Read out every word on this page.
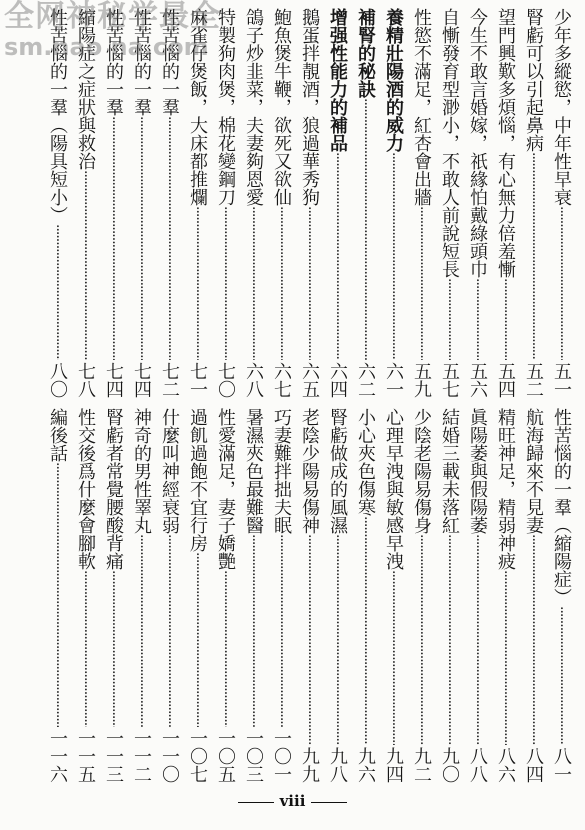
少年多縱慾，中年性早衰
·····
五一
腎虧可以引起鼻病
·····
五二
望門興歎多煩惱，有心無力倍羞慚
·····
五四
今生不敢言婚嫁，祇緣怕戴綠頭巾
·····
五六
自慚發育型渺小，不敢人前說短長
·····
五七
性慾不滿足，紅杏會出牆
·····
五九
養精壯陽酒的威力
·····
六一
補腎的秘訣
·····
六二
增强性能力的補品
·····
六四
鵝蛋拌靚酒，狼過華秀狗
·····
六五
鮑魚煲牛鞭，欲死又欲仙
·····
六七
鴿子炒韭菜，夫妻夠恩愛
·····
六八
特製狗肉煲，棉花變鋼刀
·····
七〇
麻雀仔煲飯，大床都推爛
·····
七一
性苦惱的一羣
·····
七二
性苦惱的一羣
·····
七四
性苦惱的一羣
·····
七四
縮陽症之症狀與救治
·····
七八
性苦惱的一羣（陽具短小）
·····
八〇
性苦惱的一羣（縮陽症）
·····
八一
航海歸來不見妻
·····
八四
精旺神足，精弱神疲
·····
八六
眞陽萎與假陽萎
·····
八八
結婚三載未落紅
·····
九〇
少陰老陽易傷身
·····
九二
心理早洩與敏感早洩
·····
九四
小心夾色傷寒
·····
九六
腎虧做成的風濕
·····
九八
老陰少陽易傷神
·····
九九
巧妻難拌拙夫眠
·····
一〇一
暑濕夾色最難醫
·····
一〇三
性愛滿足，妻子嬌艷
·····
一〇五
過飢過飽不宜行房
·····
一〇七
什麼叫神經衰弱
·····
一一〇
神奇的男性睪丸
·····
一一二
腎虧者常覺腰酸背痛
·····
一一三
性交後爲什麼會腳軟
·····
一一五
編後話
·····
一一六
viii
全网神秘学最全
sm.nao na.com
